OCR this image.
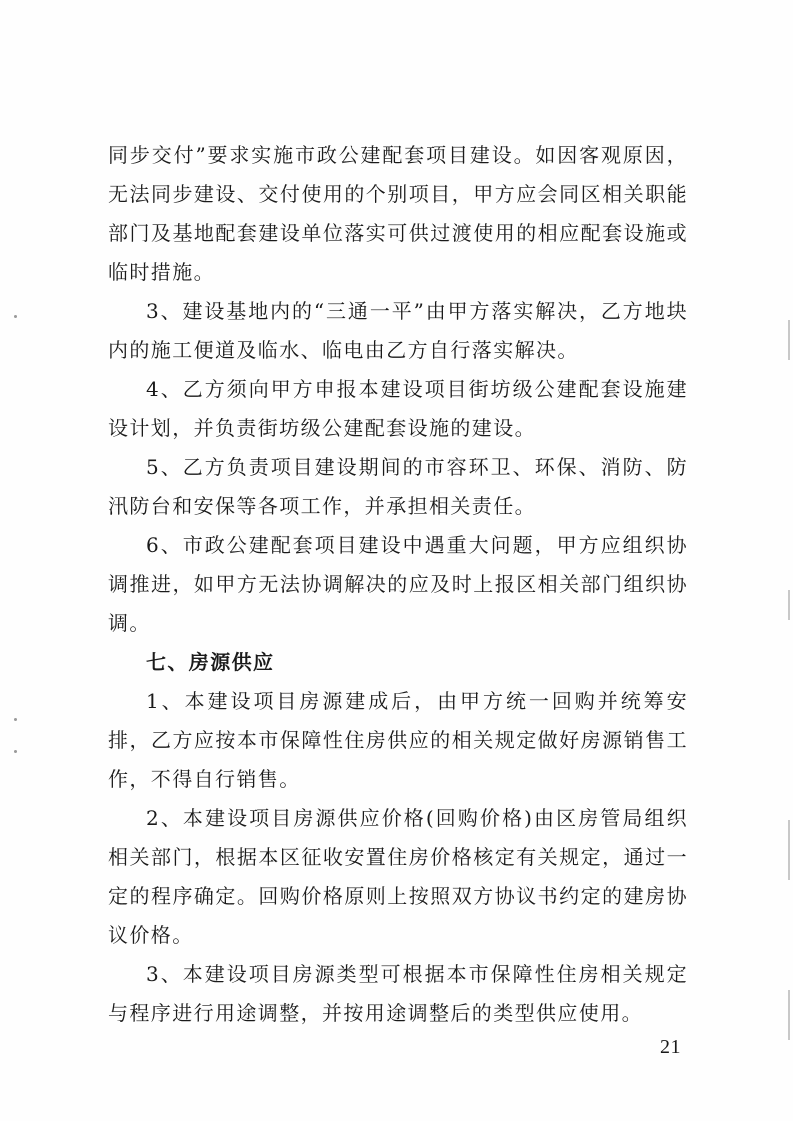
同步交付”要求实施市政公建配套项目建设。如因客观原因，无法同步建设、交付使用的个别项目，甲方应会同区相关职能部门及基地配套建设单位落实可供过渡使用的相应配套设施或临时措施。

3、建设基地内的“三通一平”由甲方落实解决，乙方地块内的施工便道及临水、临电由乙方自行落实解决。

4、乙方须向甲方申报本建设项目街坊级公建配套设施建设计划，并负责街坊级公建配套设施的建设。

5、乙方负责项目建设期间的市容环卫、环保、消防、防汛防台和安保等各项工作，并承担相关责任。

6、市政公建配套项目建设中遇重大问题，甲方应组织协调推进，如甲方无法协调解决的应及时上报区相关部门组织协调。

七、房源供应

1、本建设项目房源建成后，由甲方统一回购并统筹安排，乙方应按本市保障性住房供应的相关规定做好房源销售工作，不得自行销售。

2、本建设项目房源供应价格(回购价格)由区房管局组织相关部门，根据本区征收安置住房价格核定有关规定，通过一定的程序确定。回购价格原则上按照双方协议书约定的建房协议价格。

3、本建设项目房源类型可根据本市保障性住房相关规定与程序进行用途调整，并按用途调整后的类型供应使用。

21
